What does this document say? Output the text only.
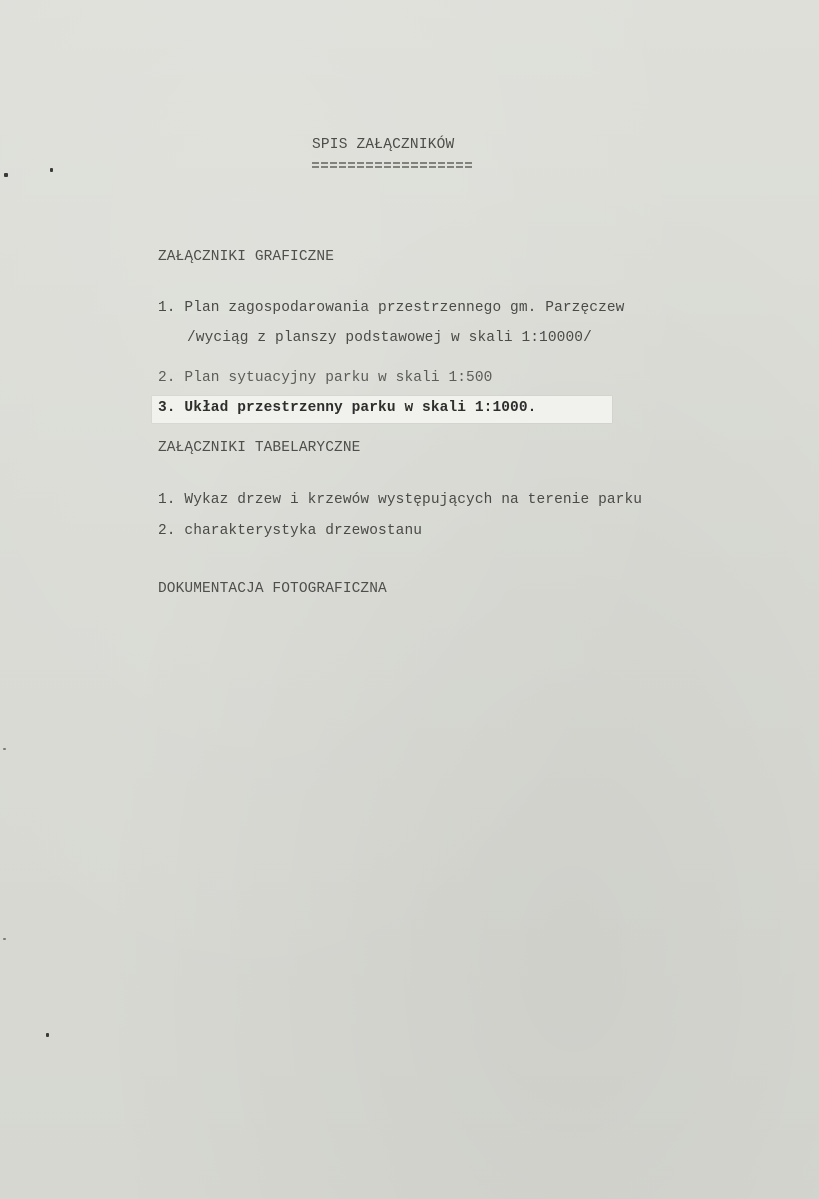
SPIS ZAŁĄCZNIKÓW
ZAŁĄCZNIKI GRAFICZNE
1. Plan zagospodarowania przestrzennego gm. Parzęczew
/wyciąg z planszy podstawowej w skali 1:10000/
2. Plan sytuacyjny parku w skali 1:500
3. Układ przestrzenny parku w skali 1:1000.
ZAŁĄCZNIKI TABELARYCZNE
1. Wykaz drzew i krzewów występujących na terenie parku
2. charakterystyka drzewostanu
DOKUMENTACJA FOTOGRAFICZNA
